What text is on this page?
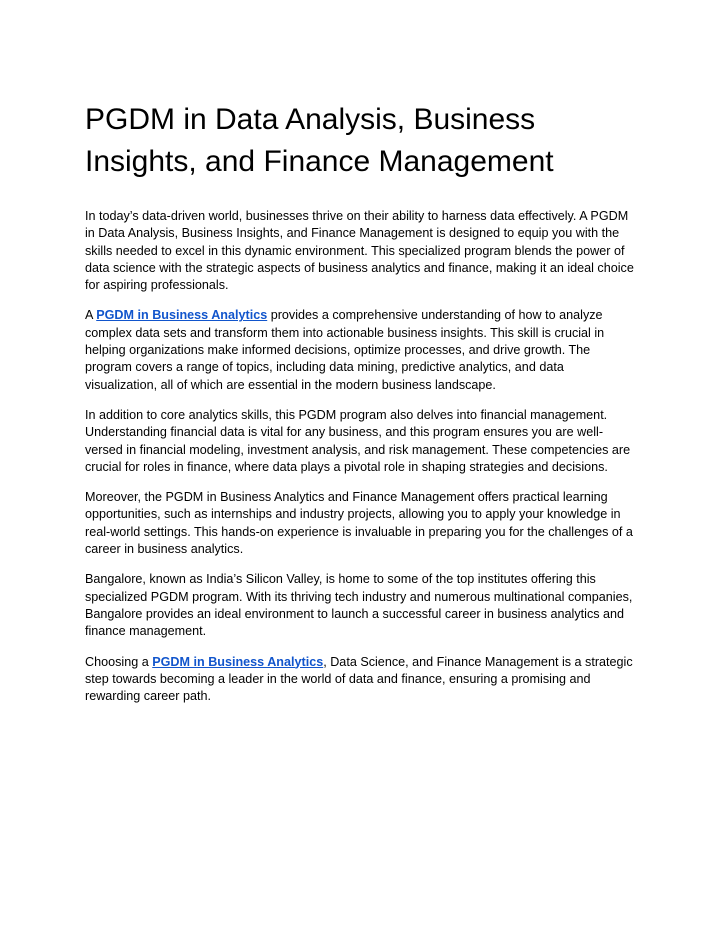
PGDM in Data Analysis, Business Insights, and Finance Management

In today’s data-driven world, businesses thrive on their ability to harness data effectively. A PGDM in Data Analysis, Business Insights, and Finance Management is designed to equip you with the skills needed to excel in this dynamic environment. This specialized program blends the power of data science with the strategic aspects of business analytics and finance, making it an ideal choice for aspiring professionals.

A PGDM in Business Analytics provides a comprehensive understanding of how to analyze complex data sets and transform them into actionable business insights. This skill is crucial in helping organizations make informed decisions, optimize processes, and drive growth. The program covers a range of topics, including data mining, predictive analytics, and data visualization, all of which are essential in the modern business landscape.

In addition to core analytics skills, this PGDM program also delves into financial management. Understanding financial data is vital for any business, and this program ensures you are well-versed in financial modeling, investment analysis, and risk management. These competencies are crucial for roles in finance, where data plays a pivotal role in shaping strategies and decisions.

Moreover, the PGDM in Business Analytics and Finance Management offers practical learning opportunities, such as internships and industry projects, allowing you to apply your knowledge in real-world settings. This hands-on experience is invaluable in preparing you for the challenges of a career in business analytics.

Bangalore, known as India’s Silicon Valley, is home to some of the top institutes offering this specialized PGDM program. With its thriving tech industry and numerous multinational companies, Bangalore provides an ideal environment to launch a successful career in business analytics and finance management.

Choosing a PGDM in Business Analytics, Data Science, and Finance Management is a strategic step towards becoming a leader in the world of data and finance, ensuring a promising and rewarding career path.
